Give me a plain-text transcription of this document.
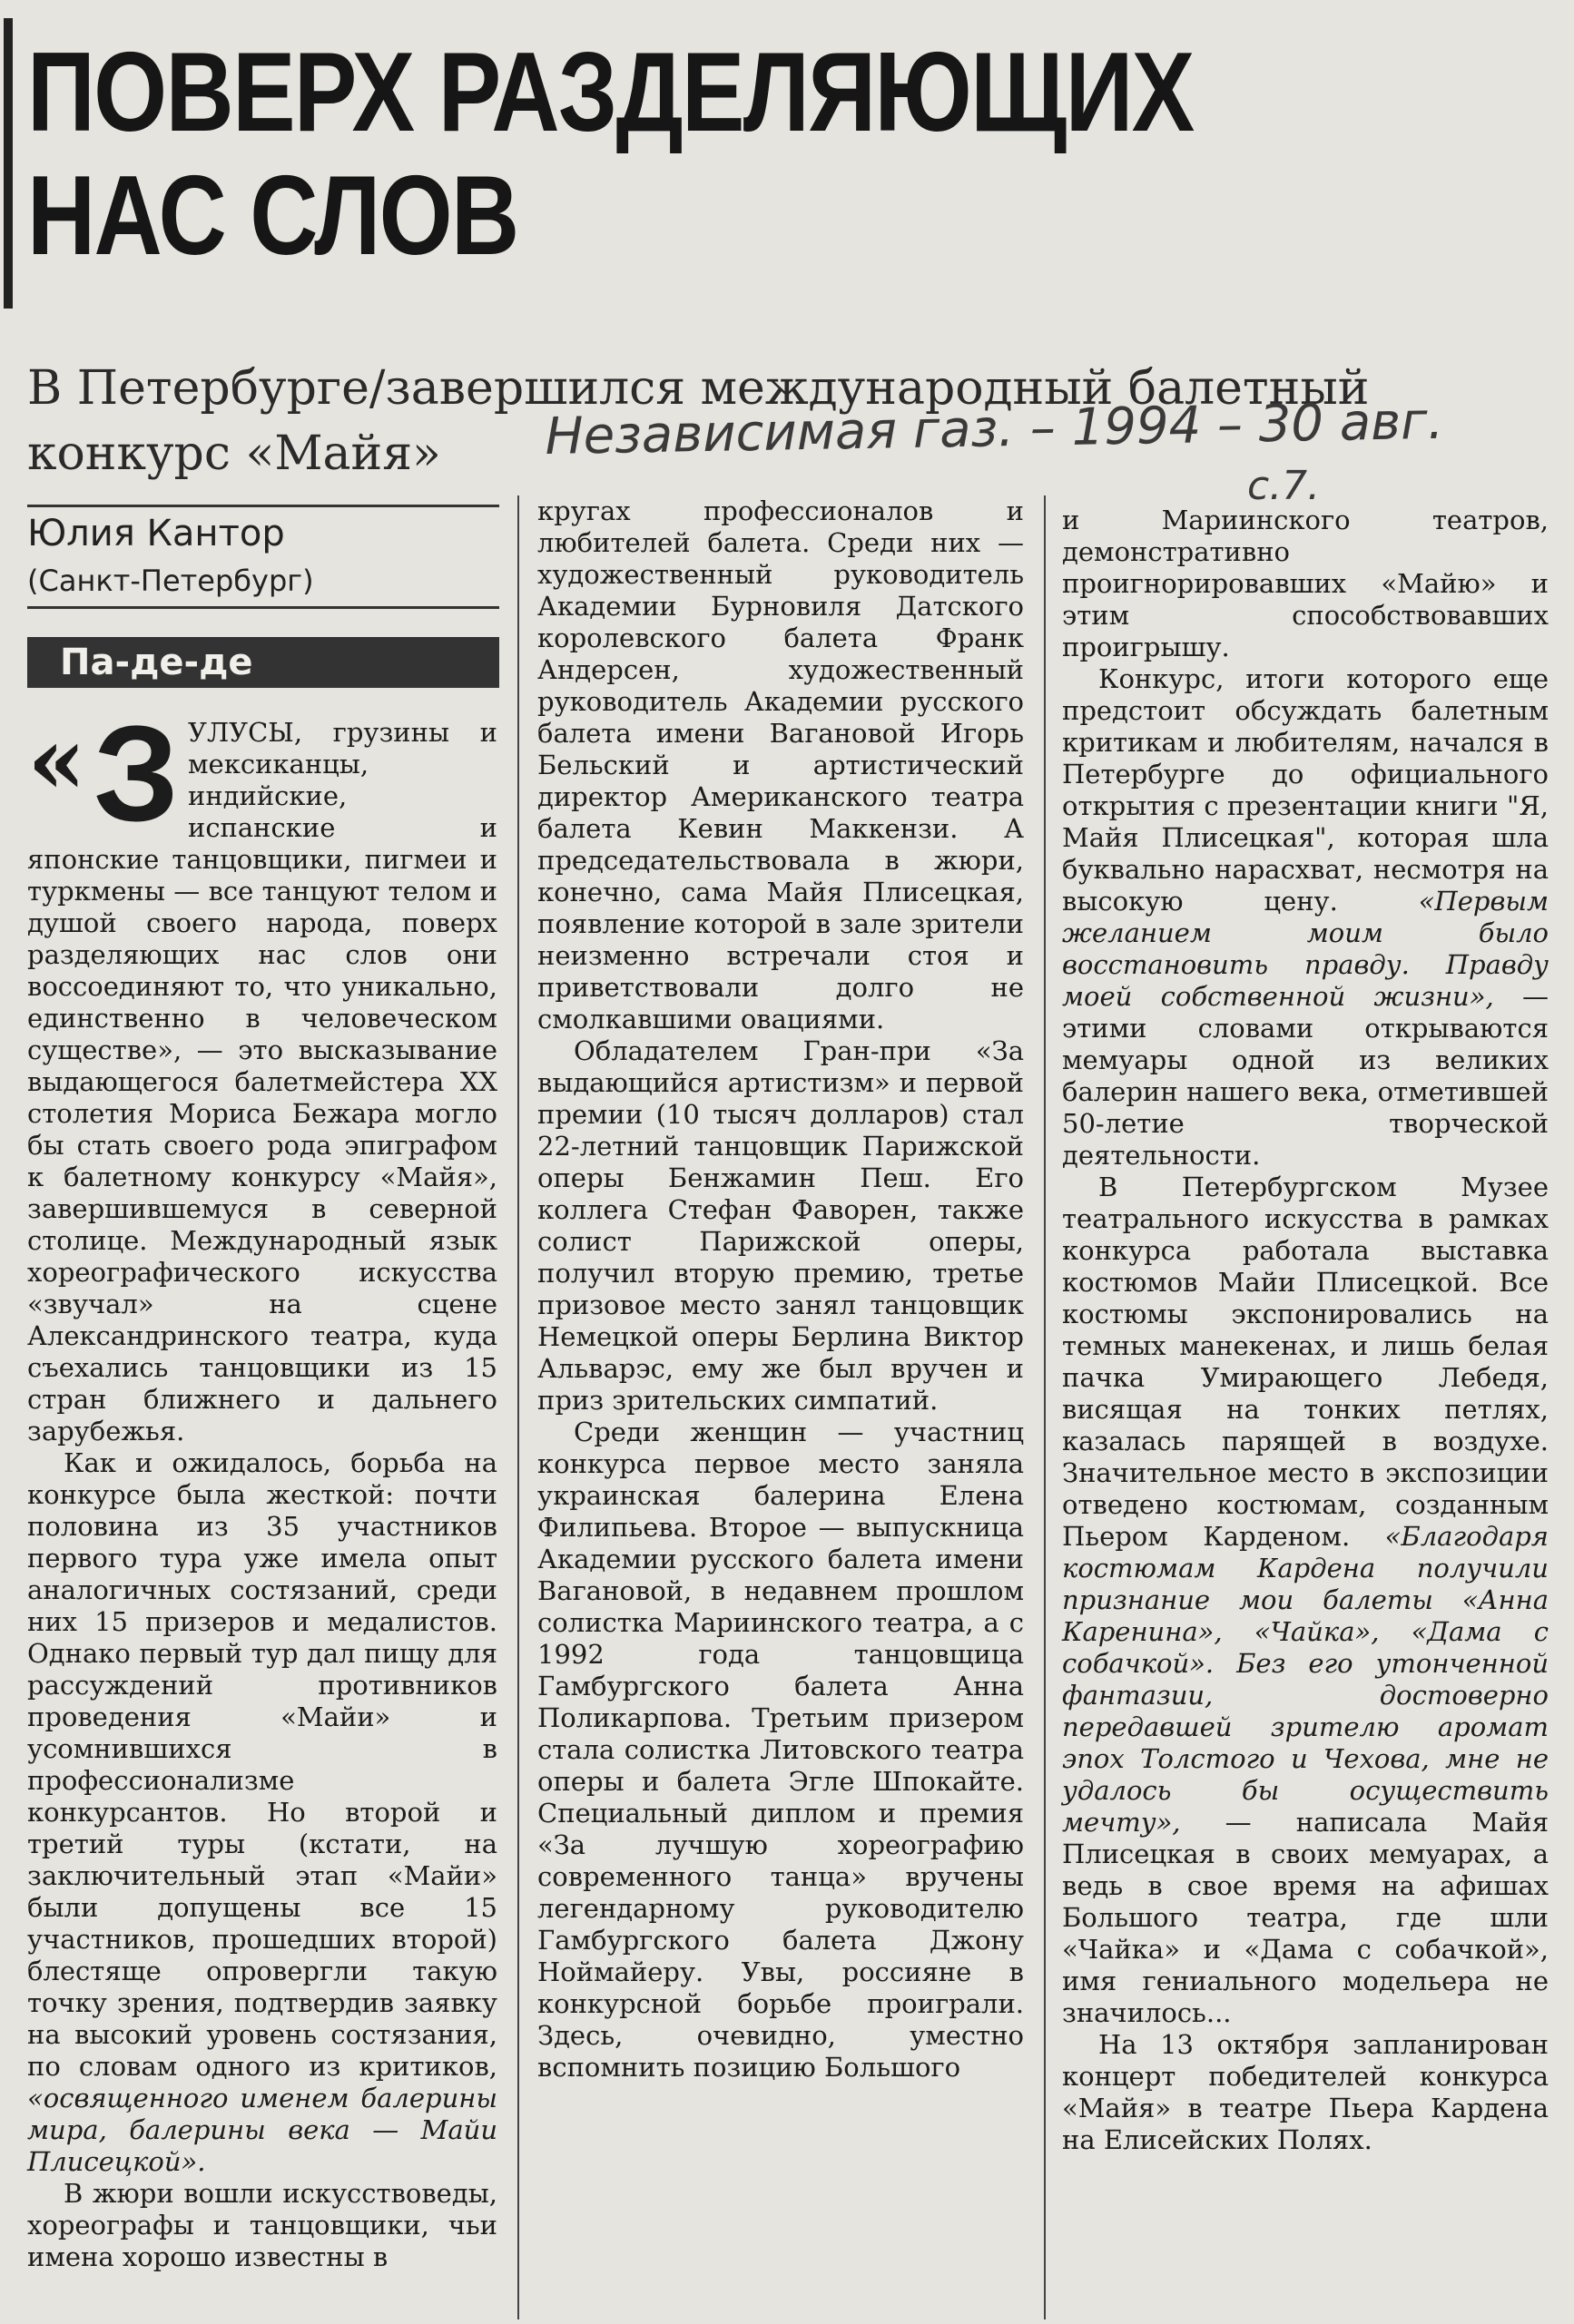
ПОВЕРХ РАЗДЕЛЯЮЩИХ
НАС СЛОВ
В Петербурге/завершился международный балетный
конкурс «Майя»	Независимая газ. – 1994 – 30 авг.
с.7.
Юлия Кантор
(Санкт-Петербург)
Па-де-де

« З УЛУСЫ, грузины и мексиканцы, индийские, испанские и японские танцовщики, пигмеи и туркмены — все танцуют телом и душой своего народа, поверх разделяющих нас слов они воссоединяют то, что уникально, единственно в человеческом существе», — это высказывание выдающегося балетмейстера XX столетия Мориса Бежара могло бы стать своего рода эпиграфом к балетному конкурсу «Майя», завершившемуся в северной столице. Международный язык хореографического искусства «звучал» на сцене Александринского театра, куда съехались танцовщики из 15 стран ближнего и дальнего зарубежья.

Как и ожидалось, борьба на конкурсе была жесткой: почти половина из 35 участников первого тура уже имела опыт аналогичных состязаний, среди них 15 призеров и медалистов. Однако первый тур дал пищу для рассуждений противников проведения «Майи» и усомнившихся в профессионализме конкурсантов. Но второй и третий туры (кстати, на заключительный этап «Майи» были допущены все 15 участников, прошедших второй) блестяще опровергли такую точку зрения, подтвердив заявку на высокий уровень состязания, по словам одного из критиков, «освященного именем балерины мира, балерины века — Майи Плисецкой».

В жюри вошли искусствоведы, хореографы и танцовщики, чьи имена хорошо известны в

кругах профессионалов и любителей балета. Среди них — художественный руководитель Академии Бурновиля Датского королевского балета Франк Андерсен, художественный руководитель Академии русского балета имени Вагановой Игорь Бельский и артистический директор Американского театра балета Кевин Маккензи. А председательствовала в жюри, конечно, сама Майя Плисецкая, появление которой в зале зрители неизменно встречали стоя и приветствовали долго не смолкавшими овациями.

Обладателем Гран-при «За выдающийся артистизм» и первой премии (10 тысяч долларов) стал 22-летний танцовщик Парижской оперы Бенжамин Пеш. Его коллега Стефан Фаворен, также солист Парижской оперы, получил вторую премию, третье призовое место занял танцовщик Немецкой оперы Берлина Виктор Альварэс, ему же был вручен и приз зрительских симпатий.

Среди женщин — участниц конкурса первое место заняла украинская балерина Елена Филипьева. Второе — выпускница Академии русского балета имени Вагановой, в недавнем прошлом солистка Мариинского театра, а с 1992 года танцовщица Гамбургского балета Анна Поликарпова. Третьим призером стала солистка Литовского театра оперы и балета Эгле Шпокайте. Специальный диплом и премия «За лучшую хореографию современного танца» вручены легендарному руководителю Гамбургского балета Джону Ноймайеру. Увы, россияне в конкурсной борьбе проиграли. Здесь, очевидно, уместно вспомнить позицию Большого

и Мариинского театров, демонстративно проигнорировавших «Майю» и этим способствовавших проигрышу.

Конкурс, итоги которого еще предстоит обсуждать балетным критикам и любителям, начался в Петербурге до официального открытия с презентации книги "Я, Майя Плисецкая", которая шла буквально нарасхват, несмотря на высокую цену.	«Первым желанием моим было восстановить правду. Правду моей собственной жизни», — этими словами открываются мемуары одной из великих балерин нашего века, отметившей 50-летие творческой деятельности.

В Петербургском Музее театрального искусства в рамках конкурса работала выставка костюмов Майи Плисецкой. Все костюмы экспонировались на темных манекенах, и лишь белая пачка Умирающего Лебедя, висящая на тонких петлях, казалась парящей в воздухе. Значительное место в экспозиции отведено костюмам, созданным Пьером Карденом. «Благодаря костюмам Кардена получили признание мои балеты «Анна Каренина», «Чайка», «Дама с собачкой». Без его утонченной фантазии, достоверно передавшей зрителю аромат эпох Толстого и Чехова, мне не удалось бы осуществить мечту», — написала Майя Плисецкая в своих мемуарах, а ведь в свое время на афишах Большого театра, где шли «Чайка» и «Дама с собачкой», имя гениального модельера не значилось...

На 13 октября запланирован концерт победителей конкурса «Майя» в театре Пьера Кардена на Елисейских Полях.
